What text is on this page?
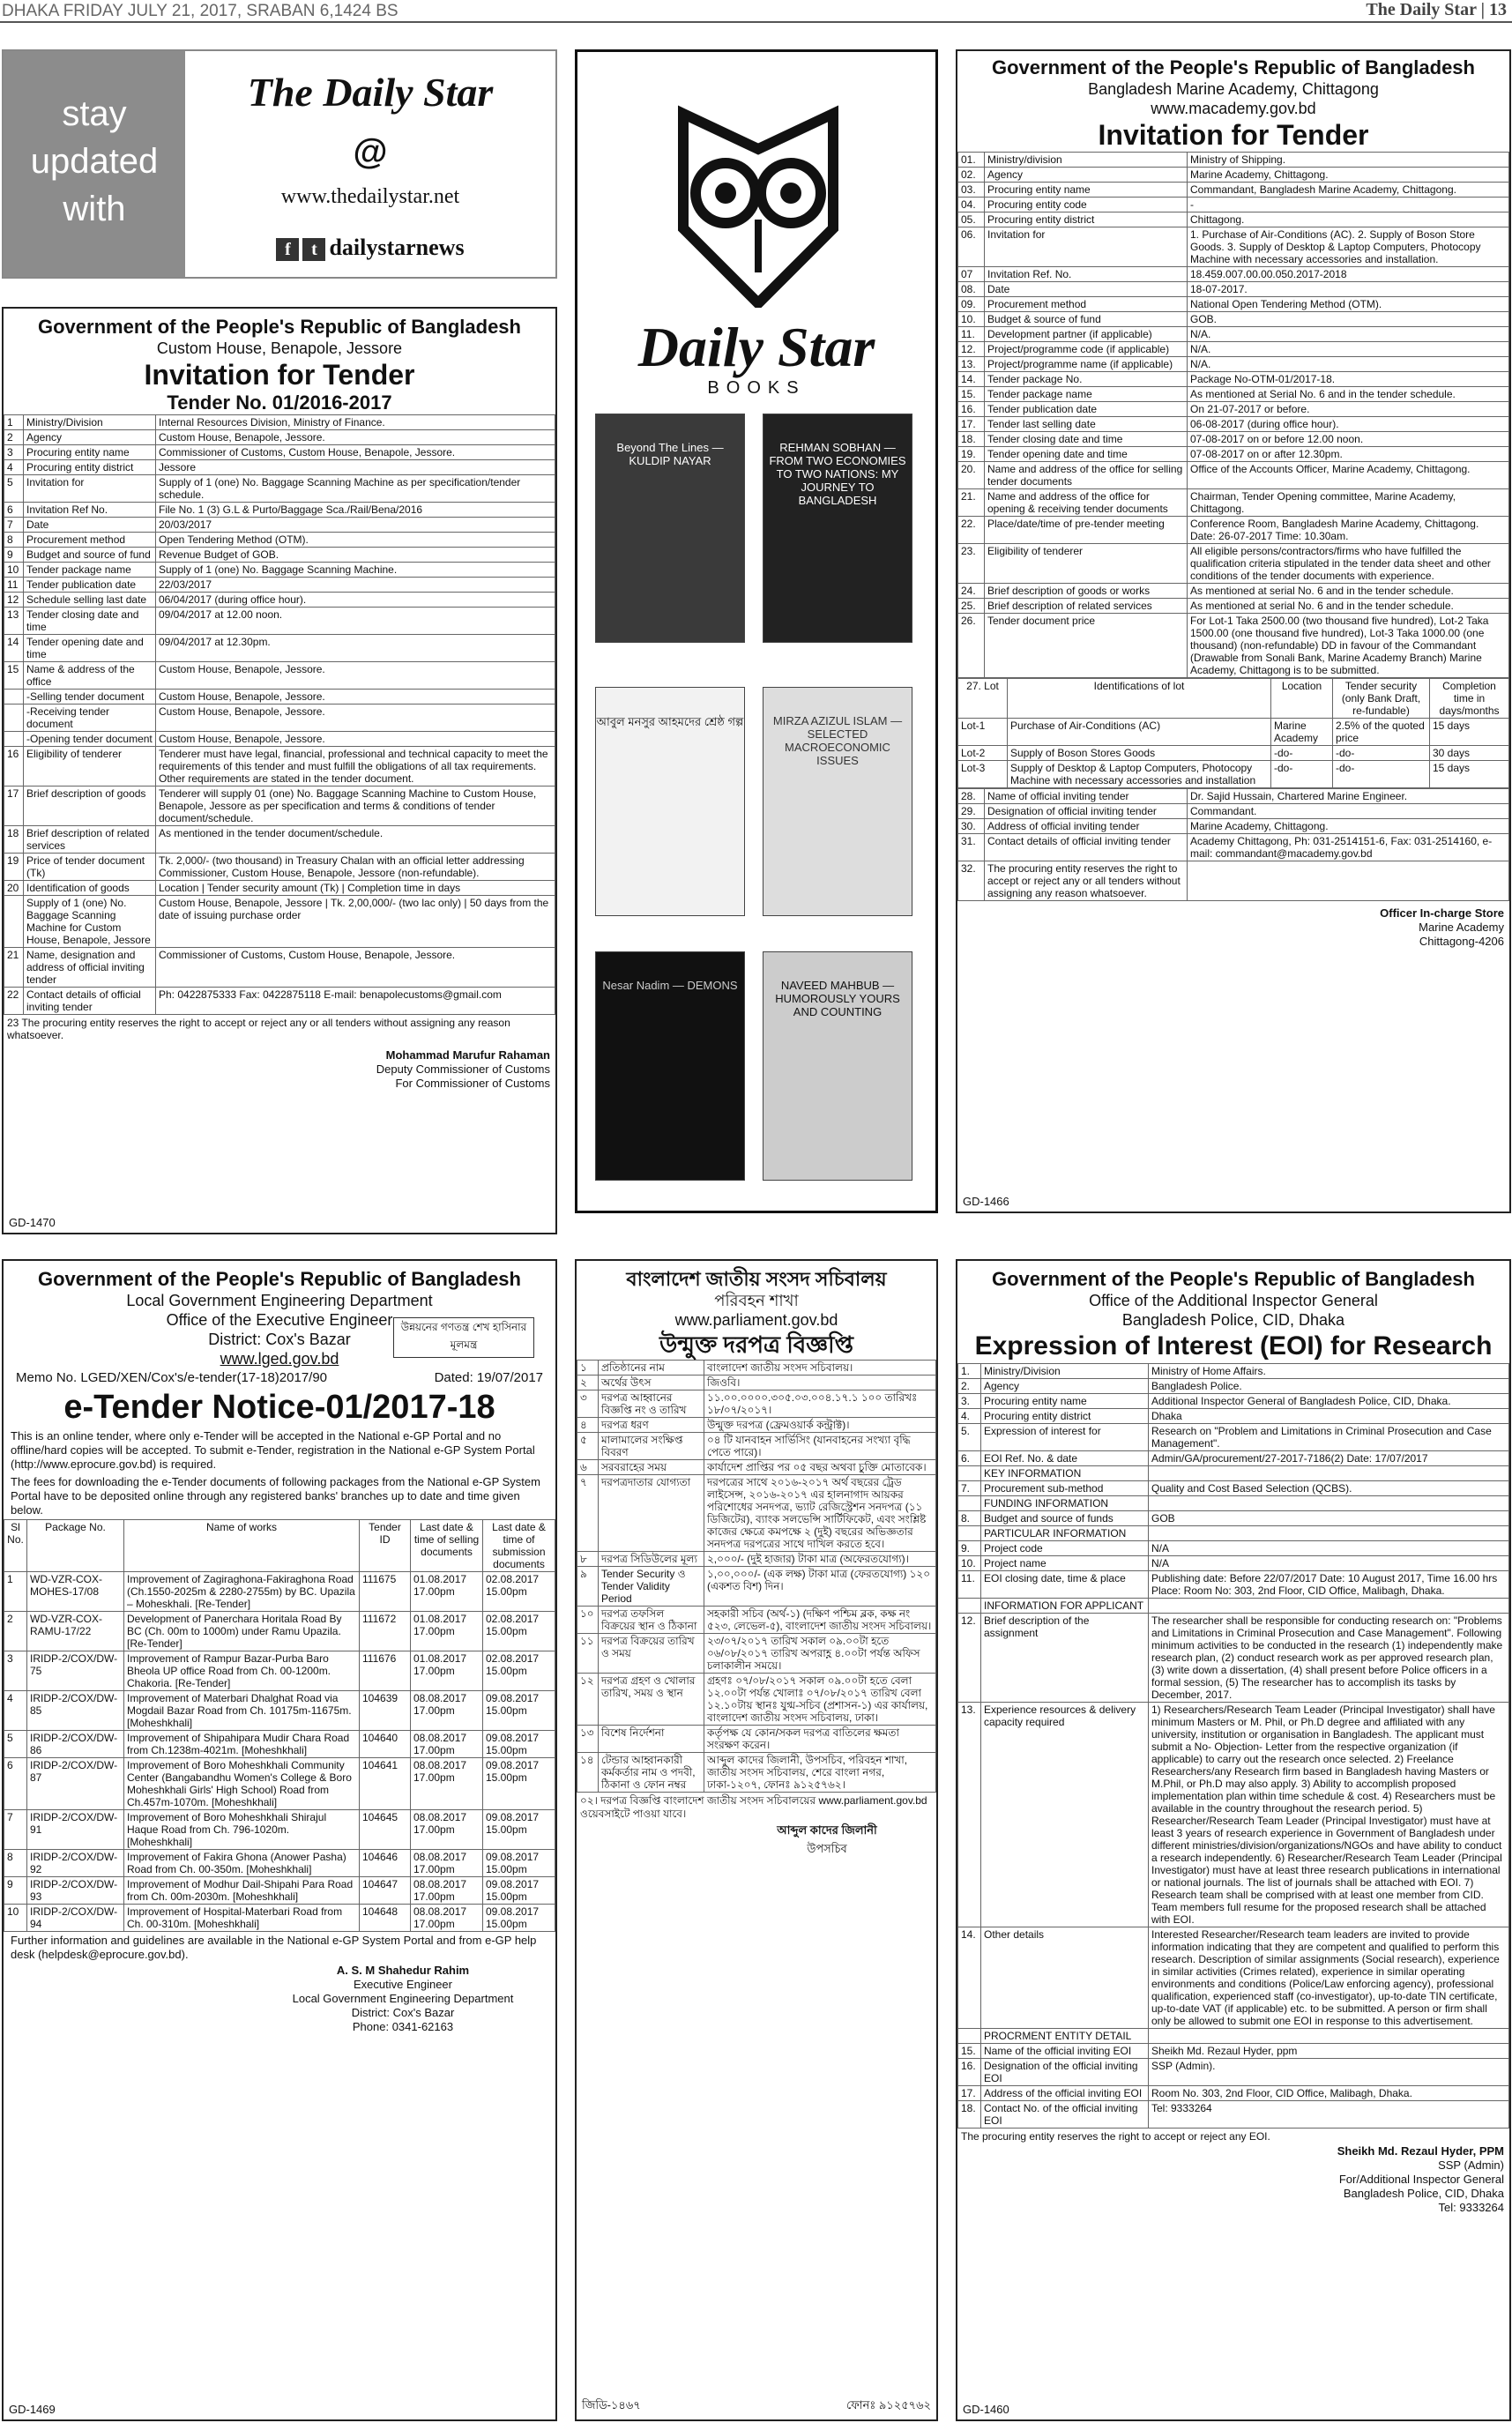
DHAKA FRIDAY JULY 21, 2017, SRABAN 6,1424 BS	The Daily Star | 13
stay
updated
with
The Daily Star
@
www.thedailystar.net
f t dailystarnews
Government of the People's Republic of Bangladesh
Custom House, Benapole, Jessore
Invitation for Tender
Tender No. 01/2016-2017
1	Ministry/Division	Internal Resources Division, Ministry of Finance.
2	Agency	Custom House, Benapole, Jessore.
3	Procuring entity name	Commissioner of Customs, Custom House, Benapole, Jessore.
4	Procuring entity district	Jessore
5	Invitation for	Supply of 1 (one) No. Baggage Scanning Machine as per specification/tender schedule.
6	Invitation Ref No.	File No. 1 (3) G.L & Purto/Baggage Sca./Rail/Bena/2016
7	Date	20/03/2017
8	Procurement method	Open Tendering Method (OTM).
9	Budget and source of fund	Revenue Budget of GOB.
10	Tender package name	Supply of 1 (one) No. Baggage Scanning Machine.
11	Tender publication date	22/03/2017
12	Schedule selling last date	06/04/2017 (during office hour).
13	Tender closing date and time	09/04/2017 at 12.00 noon.
14	Tender opening date and time	09/04/2017 at 12.30pm.
15	Name & address of the office	Custom House, Benapole, Jessore.
	-Selling tender document	Custom House, Benapole, Jessore.
	-Receiving tender document	Custom House, Benapole, Jessore.
	-Opening tender document	Custom House, Benapole, Jessore.
16	Eligibility of tenderer	Tenderer must have legal, financial, professional and technical capacity to meet the requirements of this tender and must fulfill the obligations of all tax requirements. Other requirements are stated in the tender document.
17	Brief description of goods	Tenderer will supply 01 (one) No. Baggage Scanning Machine to Custom House, Benapole, Jessore as per specification and terms & conditions of tender document/schedule.
18	Brief description of related services	As mentioned in the tender document/schedule.
19	Price of tender document (Tk)	Tk. 2,000/- (two thousand) in Treasury Chalan with an official letter addressing Commissioner, Custom House, Benapole, Jessore (non-refundable).
20	Identification of goods	Location | Tender security amount (Tk) | Completion time in days
	Supply of 1 (one) No. Baggage Scanning Machine for Custom House, Benapole, Jessore	Custom House, Benapole, Jessore | Tk. 2,00,000/- (two lac only) | 50 days from the date of issuing purchase order
21	Name, designation and address of official inviting tender	Commissioner of Customs, Custom House, Benapole, Jessore.
22	Contact details of official inviting tender	Ph: 0422875333 Fax: 0422875118 E-mail: benapolecustoms@gmail.com
23 The procuring entity reserves the right to accept or reject any or all tenders without assigning any reason whatsoever.
Mohammad Marufur Rahaman
Deputy Commissioner of Customs
For Commissioner of Customs
GD-1470
Daily Star
BOOKS
Beyond The Lines — KULDIP NAYAR
REHMAN SOBHAN — FROM TWO ECONOMIES TO TWO NATIONS: MY JOURNEY TO BANGLADESH
আবুল মনসুর আহমদের শ্রেষ্ঠ গল্প	MIRZA AZIZUL ISLAM — SELECTED MACROECONOMIC ISSUES
Nesar Nadim — DEMONS	NAVEED MAHBUB — HUMOROUSLY YOURS AND COUNTING
Government of the People's Republic of Bangladesh
Bangladesh Marine Academy, Chittagong
www.macademy.gov.bd
Invitation for Tender
01.	Ministry/division	Ministry of Shipping.
02.	Agency	Marine Academy, Chittagong.
03.	Procuring entity name	Commandant, Bangladesh Marine Academy, Chittagong.
04.	Procuring entity code	-
05.	Procuring entity district	Chittagong.
06.	Invitation for	1. Purchase of Air-Conditions (AC). 2. Supply of Boson Store Goods. 3. Supply of Desktop & Laptop Computers, Photocopy Machine with necessary accessories and installation.
07	Invitation Ref. No.	18.459.007.00.00.050.2017-2018
08.	Date	18-07-2017.
09.	Procurement method	National Open Tendering Method (OTM).
10.	Budget & source of fund	GOB.
11.	Development partner (if applicable)	N/A.
12.	Project/programme code (if applicable)	N/A.
13.	Project/programme name (if applicable)	N/A.
14.	Tender package No.	Package No-OTM-01/2017-18.
15.	Tender package name	As mentioned at Serial No. 6 and in the tender schedule.
16.	Tender publication date	On 21-07-2017 or before.
17.	Tender last selling date	06-08-2017 (during office hour).
18.	Tender closing date and time	07-08-2017 on or before 12.00 noon.
19.	Tender opening date and time	07-08-2017 on or after 12.30pm.
20.	Name and address of the office for selling tender documents	Office of the Accounts Officer, Marine Academy, Chittagong.
21.	Name and address of the office for opening & receiving tender documents	Chairman, Tender Opening committee, Marine Academy, Chittagong.
22.	Place/date/time of pre-tender meeting	Conference Room, Bangladesh Marine Academy, Chittagong. Date: 26-07-2017 Time: 10.30am.
23.	Eligibility of tenderer	All eligible persons/contractors/firms who have fulfilled the qualification criteria stipulated in the tender data sheet and other conditions of the tender documents with experience.
24.	Brief description of goods or works	As mentioned at serial No. 6 and in the tender schedule.
25.	Brief description of related services	As mentioned at serial No. 6 and in the tender schedule.
26.	Tender document price	For Lot-1 Taka 2500.00 (two thousand five hundred), Lot-2 Taka 1500.00 (one thousand five hundred), Lot-3 Taka 1000.00 (one thousand) (non-refundable) DD in favour of the Commandant (Drawable from Sonali Bank, Marine Academy Branch) Marine Academy, Chittagong is to be submitted.
27. Lot	Identifications of lot	Location	Tender security (only Bank Draft, re-fundable)	Completion time in days/months
Lot-1	Purchase of Air-Conditions (AC)	Marine Academy	2.5% of the quoted price	15 days
Lot-2	Supply of Boson Stores Goods	-do-	-do-	30 days
Lot-3	Supply of Desktop & Laptop Computers, Photocopy Machine with necessary accessories and installation	-do-	-do-	15 days
28.	Name of official inviting tender	Dr. Sajid Hussain, Chartered Marine Engineer.
29.	Designation of official inviting tender	Commandant.
30.	Address of official inviting tender	Marine Academy, Chittagong.
31.	Contact details of official inviting tender	Academy Chittagong, Ph: 031-2514151-6, Fax: 031-2514160, e-mail: commandant@macademy.gov.bd
32.	The procuring entity reserves the right to accept or reject any or all tenders without assigning any reason whatsoever.	
Officer In-charge Store
Marine Academy
Chittagong-4206
GD-1466
Government of the People's Republic of Bangladesh
Local Government Engineering Department
Office of the Executive Engineer
District: Cox's Bazar
www.lged.gov.bd
উন্নয়নের গণতন্ত্র শেখ হাসিনার মূলমন্ত্র
Memo No. LGED/XEN/Cox's/e-tender(17-18)2017/90	Dated: 19/07/2017
e-Tender Notice-01/2017-18
This is an online tender, where only e-Tender will be accepted in the National e-GP Portal and no offline/hard copies will be accepted. To submit e-Tender, registration in the National e-GP System Portal (http://www.eprocure.gov.bd) is required.
The fees for downloading the e-Tender documents of following packages from the National e-GP System Portal have to be deposited online through any registered banks' branches up to date and time given below.
Sl No.	Package No.	Name of works	Tender ID	Last date & time of selling documents	Last date & time of submission documents
1	WD-VZR-COX-MOHES-17/08	Improvement of Zagiraghona-Fakiraghona Road (Ch.1550-2025m & 2280-2755m) by BC. Upazila – Moheskhali. [Re-Tender]	111675	01.08.2017 17.00pm	02.08.2017 15.00pm
2	WD-VZR-COX-RAMU-17/22	Development of Panerchara Horitala Road By BC (Ch. 00m to 1000m) under Ramu Upazila. [Re-Tender]	111672	01.08.2017 17.00pm	02.08.2017 15.00pm
3	IRIDP-2/COX/DW-75	Improvement of Rampur Bazar-Purba Baro Bheola UP office Road from Ch. 00-1200m. Chakoria. [Re-Tender]	111676	01.08.2017 17.00pm	02.08.2017 15.00pm
4	IRIDP-2/COX/DW-85	Improvement of Materbari Dhalghat Road via Mogdail Bazar Road from Ch. 10175m-11675m. [Moheshkhali]	104639	08.08.2017 17.00pm	09.08.2017 15.00pm
5	IRIDP-2/COX/DW-86	Improvement of Shipahipara Mudir Chara Road from Ch.1238m-4021m. [Moheshkhali]	104640	08.08.2017 17.00pm	09.08.2017 15.00pm
6	IRIDP-2/COX/DW-87	Improvement of Boro Moheshkhali Community Center (Bangabandhu Women's College & Boro Moheshkhali Girls' High School) Road from Ch.457m-1070m. [Moheshkhali]	104641	08.08.2017 17.00pm	09.08.2017 15.00pm
7	IRIDP-2/COX/DW-91	Improvement of Boro Moheshkhali Shirajul Haque Road from Ch. 796-1020m. [Moheshkhali]	104645	08.08.2017 17.00pm	09.08.2017 15.00pm
8	IRIDP-2/COX/DW-92	Improvement of Fakira Ghona (Anower Pasha) Road from Ch. 00-350m. [Moheshkhali]	104646	08.08.2017 17.00pm	09.08.2017 15.00pm
9	IRIDP-2/COX/DW-93	Improvement of Modhur Dail-Shipahi Para Road from Ch. 00m-2030m. [Moheshkhali]	104647	08.08.2017 17.00pm	09.08.2017 15.00pm
10	IRIDP-2/COX/DW-94	Improvement of Hospital-Materbari Road from Ch. 00-310m. [Moheshkhali]	104648	08.08.2017 17.00pm	09.08.2017 15.00pm
Further information and guidelines are available in the National e-GP System Portal and from e-GP help desk (helpdesk@eprocure.gov.bd).
A. S. M Shahedur Rahim
Executive Engineer
Local Government Engineering Department
District: Cox's Bazar
Phone: 0341-62163
GD-1469
বাংলাদেশ জাতীয় সংসদ সচিবালয়
পরিবহন শাখা
www.parliament.gov.bd
উন্মুক্ত দরপত্র বিজ্ঞপ্তি
১	প্রতিষ্ঠানের নাম	বাংলাদেশ জাতীয় সংসদ সচিবালয়।
২	অর্থের উৎস	জিওবি।
৩	দরপত্র আহ্বানের বিজ্ঞপ্তি নং ও তারিখ	১১.০০.০০০০.৩০৫.০৩.০০৪.১৭.১ ১০০ তারিখঃ ১৮/০৭/২০১৭।
৪	দরপত্র ধরণ	উন্মুক্ত দরপত্র (ফ্রেমওয়ার্ক কন্ট্রাক্ট)।
৫	মালামালের সংক্ষিপ্ত বিবরণ	০৪ টি যানবাহন সার্ভিসিং (যানবাহনের সংখ্যা বৃদ্ধি পেতে পারে)।
৬	সরবরাহের সময়	কার্যাদেশ প্রাপ্তির পর ০৫ বছর অথবা চুক্তি মোতাবেক।
৭	দরপত্রদাতার যোগ্যতা	দরপত্রের সাথে ২০১৬-২০১৭ অর্থ বছরের ট্রেড লাইসেন্স, ২০১৬-২০১৭ এর হালনাগাদ আয়কর পরিশোধের সনদপত্র, ভ্যাট রেজিস্ট্রেশন সনদপত্র (১১ ডিজিটের), ব্যাংক সলভেন্সি সার্টিফিকেট, এবং সংশ্লিষ্ট কাজের ক্ষেত্রে কমপক্ষে ২ (দুই) বছরের অভিজ্ঞতার সনদপত্র দরপত্রের সাথে দাখিল করতে হবে।
৮	দরপত্র সিডিউলের মূল্য	২,০০০/- (দুই হাজার) টাকা মাত্র (অফেরতযোগ্য)।
৯	Tender Security ও Tender Validity Period	১,০০,০০০/- (এক লক্ষ) টাকা মাত্র (ফেরতযোগ্য) ১২০ (একশত বিশ) দিন।
১০	দরপত্র তফসিল বিক্রয়ের স্থান ও ঠিকানা	সহকারী সচিব (অর্থ-১) (দক্ষিণ পশ্চিম ব্লক, কক্ষ নং ৫২৩, লেভেল-৫), বাংলাদেশ জাতীয় সংসদ সচিবালয়।
১১	দরপত্র বিক্রয়ের তারিখ ও সময়	২৩/০৭/২০১৭ তারিখ সকাল ০৯.০০টা হতে ০৬/০৮/২০১৭ তারিখ অপরাহ্ণ ৪.০০টা পর্যন্ত অফিস চলাকালীন সময়ে।
১২	দরপত্র গ্রহণ ও খোলার তারিখ, সময় ও স্থান	গ্রহণঃ ০৭/০৮/২০১৭ সকাল ০৯.০০টা হতে বেলা ১২.০০টা পর্যন্ত খোলাঃ ০৭/০৮/২০১৭ তারিখ বেলা ১২.১০টায় স্থানঃ যুগ্ম-সচিব (প্রশাসন-১) এর কার্যালয়, বাংলাদেশ জাতীয় সংসদ সচিবালয়, ঢাকা।
১৩	বিশেষ নির্দেশনা	কর্তৃপক্ষ যে কোন/সকল দরপত্র বাতিলের ক্ষমতা সংরক্ষণ করেন।
১৪	টেন্ডার আহ্বানকারী কর্মকর্তার নাম ও পদবী, ঠিকানা ও ফোন নম্বর	আব্দুল কাদের জিলানী, উপসচিব, পরিবহন শাখা, জাতীয় সংসদ সচিবালয়, শেরে বাংলা নগর, ঢাকা-১২০৭, ফোনঃ ৯১২৫৭৬২।
০২। দরপত্র বিজ্ঞপ্তি বাংলাদেশ জাতীয় সংসদ সচিবালয়ের www.parliament.gov.bd ওয়েবসাইটে পাওয়া যাবে।
আব্দুল কাদের জিলানী
উপসচিব
জিডি-১৪৬৭	ফোনঃ ৯১২৫৭৬২
Government of the People's Republic of Bangladesh
Office of the Additional Inspector General
Bangladesh Police, CID, Dhaka
Expression of Interest (EOI) for Research
1.	Ministry/Division	Ministry of Home Affairs.
2.	Agency	Bangladesh Police.
3.	Procuring entity name	Additional Inspector General of Bangladesh Police, CID, Dhaka.
4.	Procuring entity district	Dhaka
5.	Expression of interest for	Research on "Problem and Limitations in Criminal Prosecution and Case Management".
6.	EOI Ref. No. & date	Admin/GA/procurement/27-2017-7186(2) Date: 17/07/2017
	KEY INFORMATION	
7.	Procurement sub-method	Quality and Cost Based Selection (QCBS).
	FUNDING INFORMATION	
8.	Budget and source of funds	GOB
	PARTICULAR INFORMATION	
9.	Project code	N/A
10.	Project name	N/A
11.	EOI closing date, time & place	Publishing date: Before 22/07/2017 Date: 10 August 2017, Time 16.00 hrs Place: Room No: 303, 2nd Floor, CID Office, Malibagh, Dhaka.
	INFORMATION FOR APPLICANT	
12.	Brief description of the assignment	The researcher shall be responsible for conducting research on: "Problems and Limitations in Criminal Prosecution and Case Management". Following minimum activities to be conducted in the research (1) independently make research plan, (2) conduct research work as per approved research plan, (3) write down a dissertation, (4) shall present before Police officers in a formal session, (5) The researcher has to accomplish its tasks by December, 2017.
13.	Experience resources & delivery capacity required	1) Researchers/Research Team Leader (Principal Investigator) shall have minimum Masters or M. Phil, or Ph.D degree and affiliated with any university, institution or organisation in Bangladesh. The applicant must submit a No- Objection- Letter from the respective organization (if applicable) to carry out the research once selected. 2) Freelance Researchers/any Research firm based in Bangladesh having Masters or M.Phil, or Ph.D may also apply. 3) Ability to accomplish proposed implementation plan within time schedule & cost. 4) Researchers must be available in the country throughout the research period. 5) Researcher/Research Team Leader (Principal Investigator) must have at least 3 years of research experience in Government of Bangladesh under different ministries/division/organizations/NGOs and have ability to conduct a research independently. 6) Researcher/Research Team Leader (Principal Investigator) must have at least three research publications in international or national journals. The list of journals shall be attached with EOI. 7) Research team shall be comprised with at least one member from CID. Team members full resume for the proposed research shall be attached with EOI.
14.	Other details	Interested Researcher/Research team leaders are invited to provide information indicating that they are competent and qualified to perform this research. Description of similar assignments (Social research), experience in similar activities (Crimes related), experience in similar operating environments and conditions (Police/Law enforcing agency), professional qualification, experienced staff (co-investigator), up-to-date TIN certificate, up-to-date VAT (if applicable) etc. to be submitted. A person or firm shall only be allowed to submit one EOI in response to this advertisement.
	PROCRMENT ENTITY DETAIL	
15.	Name of the official inviting EOI	Sheikh Md. Rezaul Hyder, ppm
16.	Designation of the official inviting EOI	SSP (Admin).
17.	Address of the official inviting EOI	Room No. 303, 2nd Floor, CID Office, Malibagh, Dhaka.
18.	Contact No. of the official inviting EOI	Tel: 9333264
The procuring entity reserves the right to accept or reject any EOI.
Sheikh Md. Rezaul Hyder, PPM
SSP (Admin)
For/Additional Inspector General
Bangladesh Police, CID, Dhaka
Tel: 9333264
GD-1460
